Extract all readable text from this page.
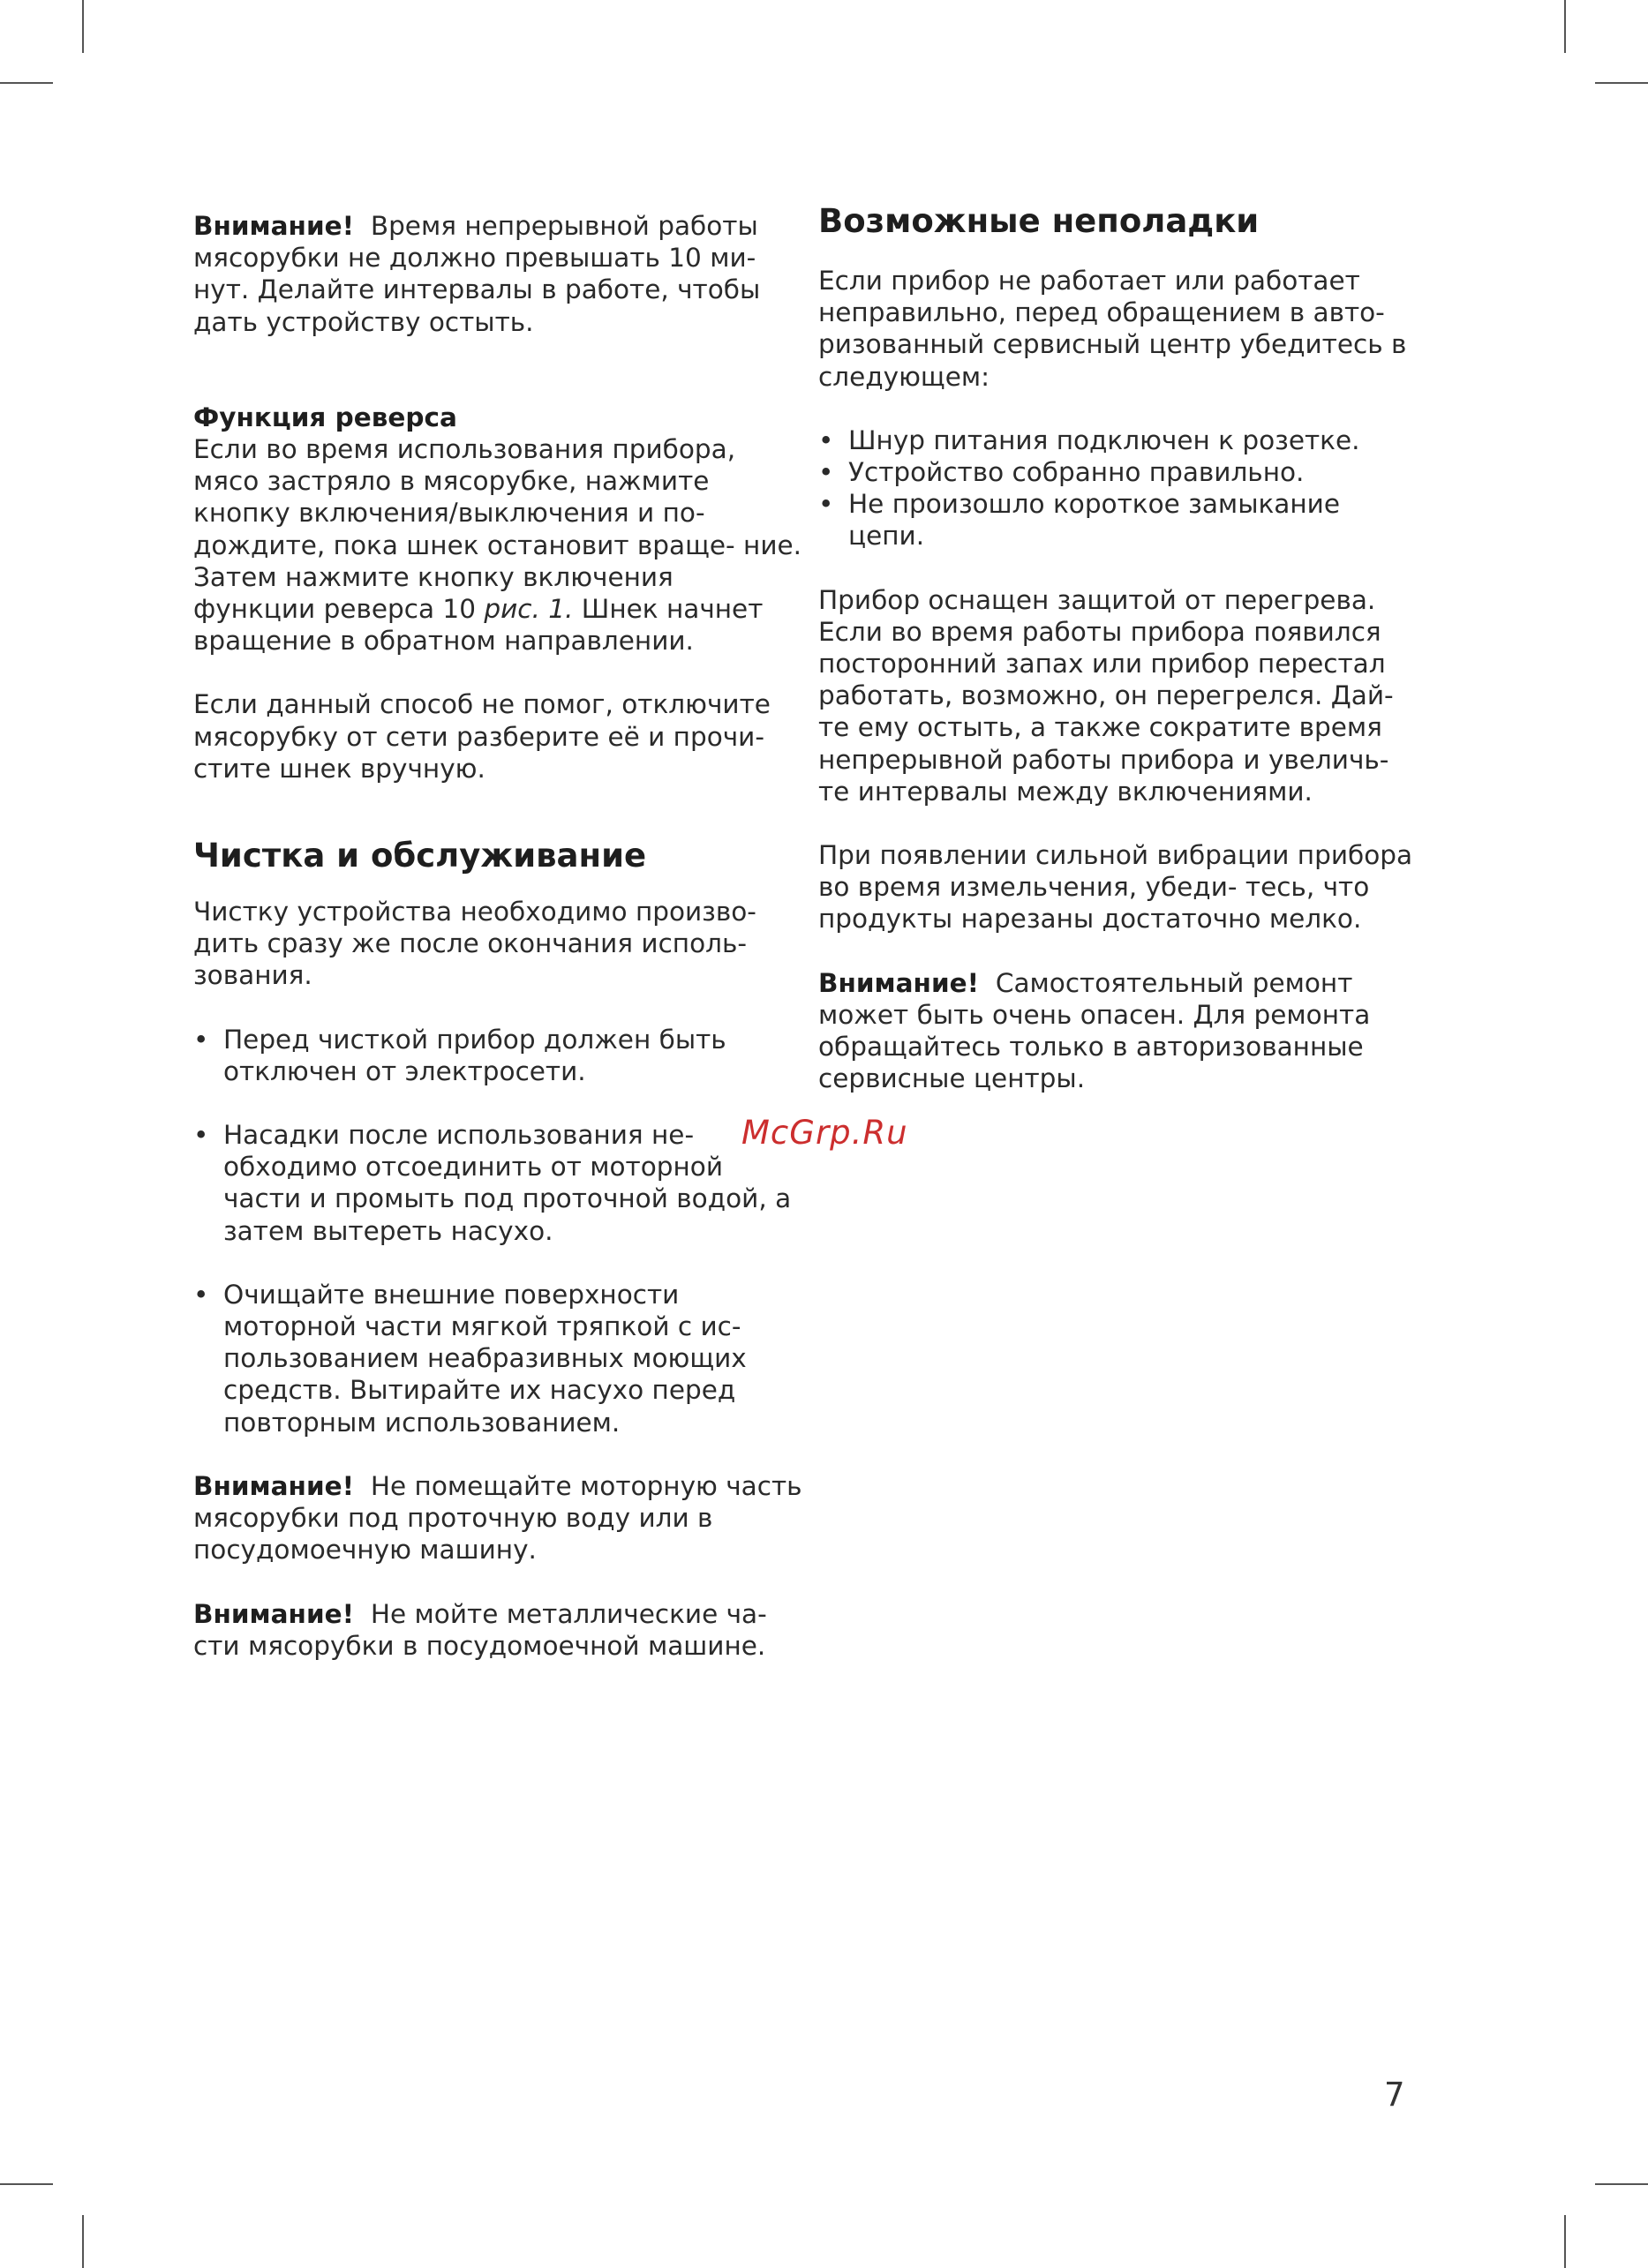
Внимание! Время непрерывной работы мясорубки не должно превышать 10 ми- нут. Делайте интервалы в работе, чтобы дать устройству остыть.

Функция реверса

Если во время использования прибора, мясо застряло в мясорубке, нажмите кнопку включения/выключения и по- дождите, пока шнек остановит враще- ние. Затем нажмите кнопку включения функции реверса 10 рис. 1. Шнек начнет вращение в обратном направлении.

Если данный способ не помог, отключите мясорубку от сети разберите её и прочи- стите шнек вручную.

Чистка и обслуживание

Чистку устройства необходимо произво- дить сразу же после окончания исполь- зования.

• Перед чисткой прибор должен быть отключен от электросети.
• Насадки после использования не- обходимо отсоединить от моторной части и промыть под проточной водой, а затем вытереть насухо.
• Очищайте внешние поверхности моторной части мягкой тряпкой с ис- пользованием неабразивных моющих средств. Вытирайте их насухо перед повторным использованием.

Внимание! Не помещайте моторную часть мясорубки под проточную воду или в посудомоечную машину.

Внимание! Не мойте металлические ча- сти мясорубки в посудомоечной машине.

Возможные неполадки

Если прибор не работает или работает неправильно, перед обращением в авто- ризованный сервисный центр убедитесь в следующем:

• Шнур питания подключен к розетке.
• Устройство собранно правильно.
• Не произошло короткое замыкание цепи.

Прибор оснащен защитой от перегрева. Если во время работы прибора появился посторонний запах или прибор перестал работать, возможно, он перегрелся. Дай- те ему остыть, а также сократите время непрерывной работы прибора и увеличь- те интервалы между включениями.

При появлении сильной вибрации прибора во время измельчения, убеди- тесь, что продукты нарезаны достаточно мелко.

Внимание! Самостоятельный ремонт может быть очень опасен. Для ремонта обращайтесь только в авторизованные сервисные центры.

McGrp.Ru
7
